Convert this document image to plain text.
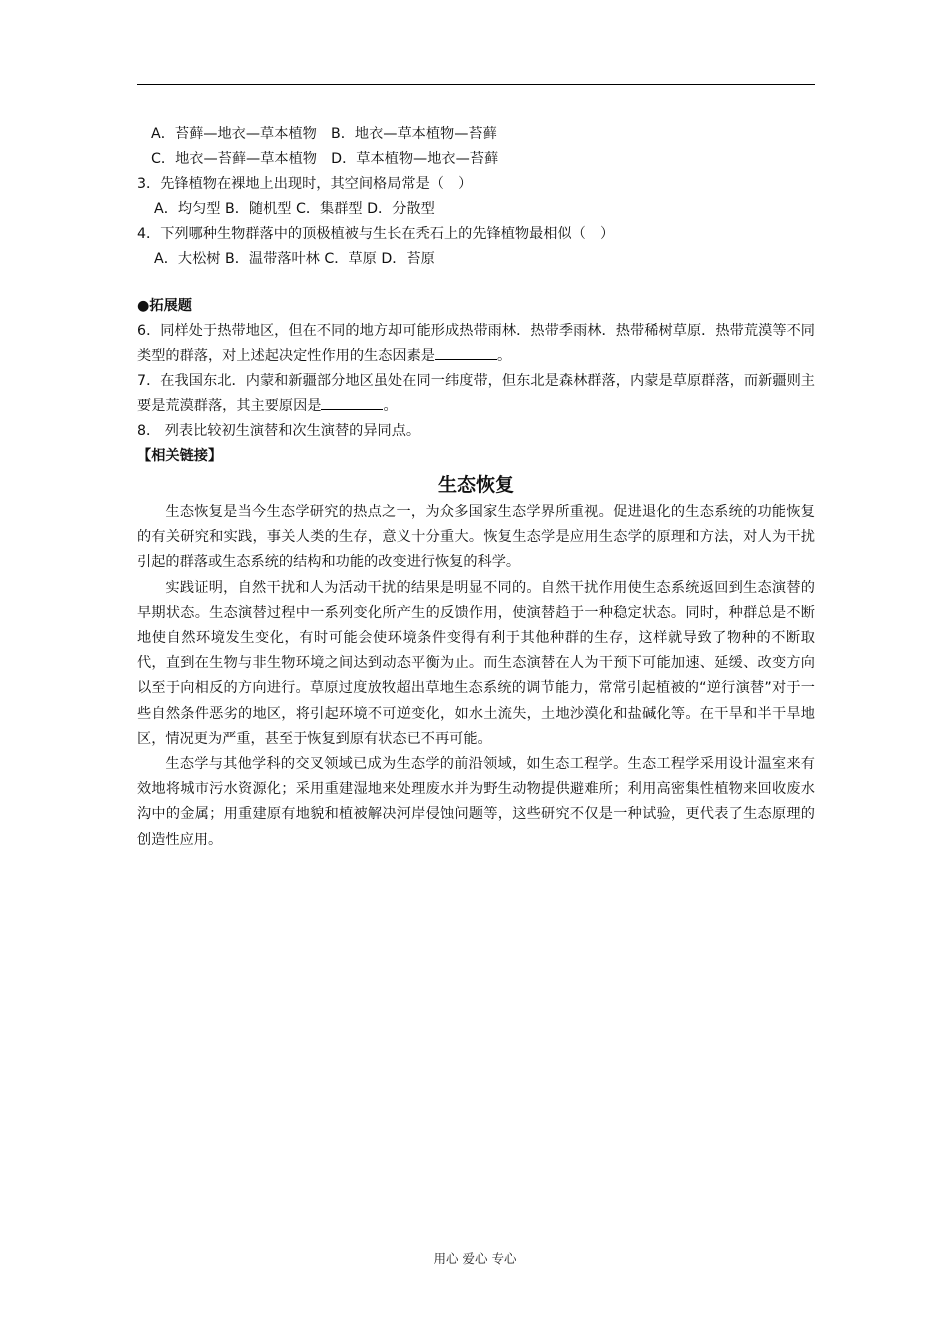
A．苔藓—地衣—草本植物　B．地衣—草本植物—苔藓
C．地衣—苔藓—草本植物　D．草本植物—地衣—苔藓
3．先锋植物在裸地上出现时，其空间格局常是（　）
A．均匀型 B．随机型 C．集群型 D．分散型
4．下列哪种生物群落中的顶极植被与生长在秃石上的先锋植物最相似（　）
A．大松树 B．温带落叶林 C．草原 D．苔原
●拓展题
6．同样处于热带地区，但在不同的地方却可能形成热带雨林．热带季雨林．热带稀树草原．热带荒漠等不同类型的群落，对上述起决定性作用的生态因素是	。
7．在我国东北．内蒙和新疆部分地区虽处在同一纬度带，但东北是森林群落，内蒙是草原群落，而新疆则主要是荒漠群落，其主要原因是	。
8． 列表比较初生演替和次生演替的异同点。
【相关链接】
生态恢复
生态恢复是当今生态学研究的热点之一，为众多国家生态学界所重视。促进退化的生态系统的功能恢复的有关研究和实践，事关人类的生存，意义十分重大。恢复生态学是应用生态学的原理和方法，对人为干扰引起的群落或生态系统的结构和功能的改变进行恢复的科学。
实践证明，自然干扰和人为活动干扰的结果是明显不同的。自然干扰作用使生态系统返回到生态演替的早期状态。生态演替过程中一系列变化所产生的反馈作用，使演替趋于一种稳定状态。同时，种群总是不断地使自然环境发生变化，有时可能会使环境条件变得有利于其他种群的生存，这样就导致了物种的不断取代，直到在生物与非生物环境之间达到动态平衡为止。而生态演替在人为干预下可能加速、延缓、改变方向以至于向相反的方向进行。草原过度放牧超出草地生态系统的调节能力，常常引起植被的“逆行演替”对于一些自然条件恶劣的地区，将引起环境不可逆变化，如水土流失，土地沙漠化和盐碱化等。在干旱和半干旱地区，情况更为严重，甚至于恢复到原有状态已不再可能。
生态学与其他学科的交叉领域已成为生态学的前沿领域，如生态工程学。生态工程学采用设计温室来有效地将城市污水资源化；采用重建湿地来处理废水并为野生动物提供避难所；利用高密集性植物来回收废水沟中的金属；用重建原有地貌和植被解决河岸侵蚀问题等，这些研究不仅是一种试验，更代表了生态原理的创造性应用。
用心 爱心 专心
